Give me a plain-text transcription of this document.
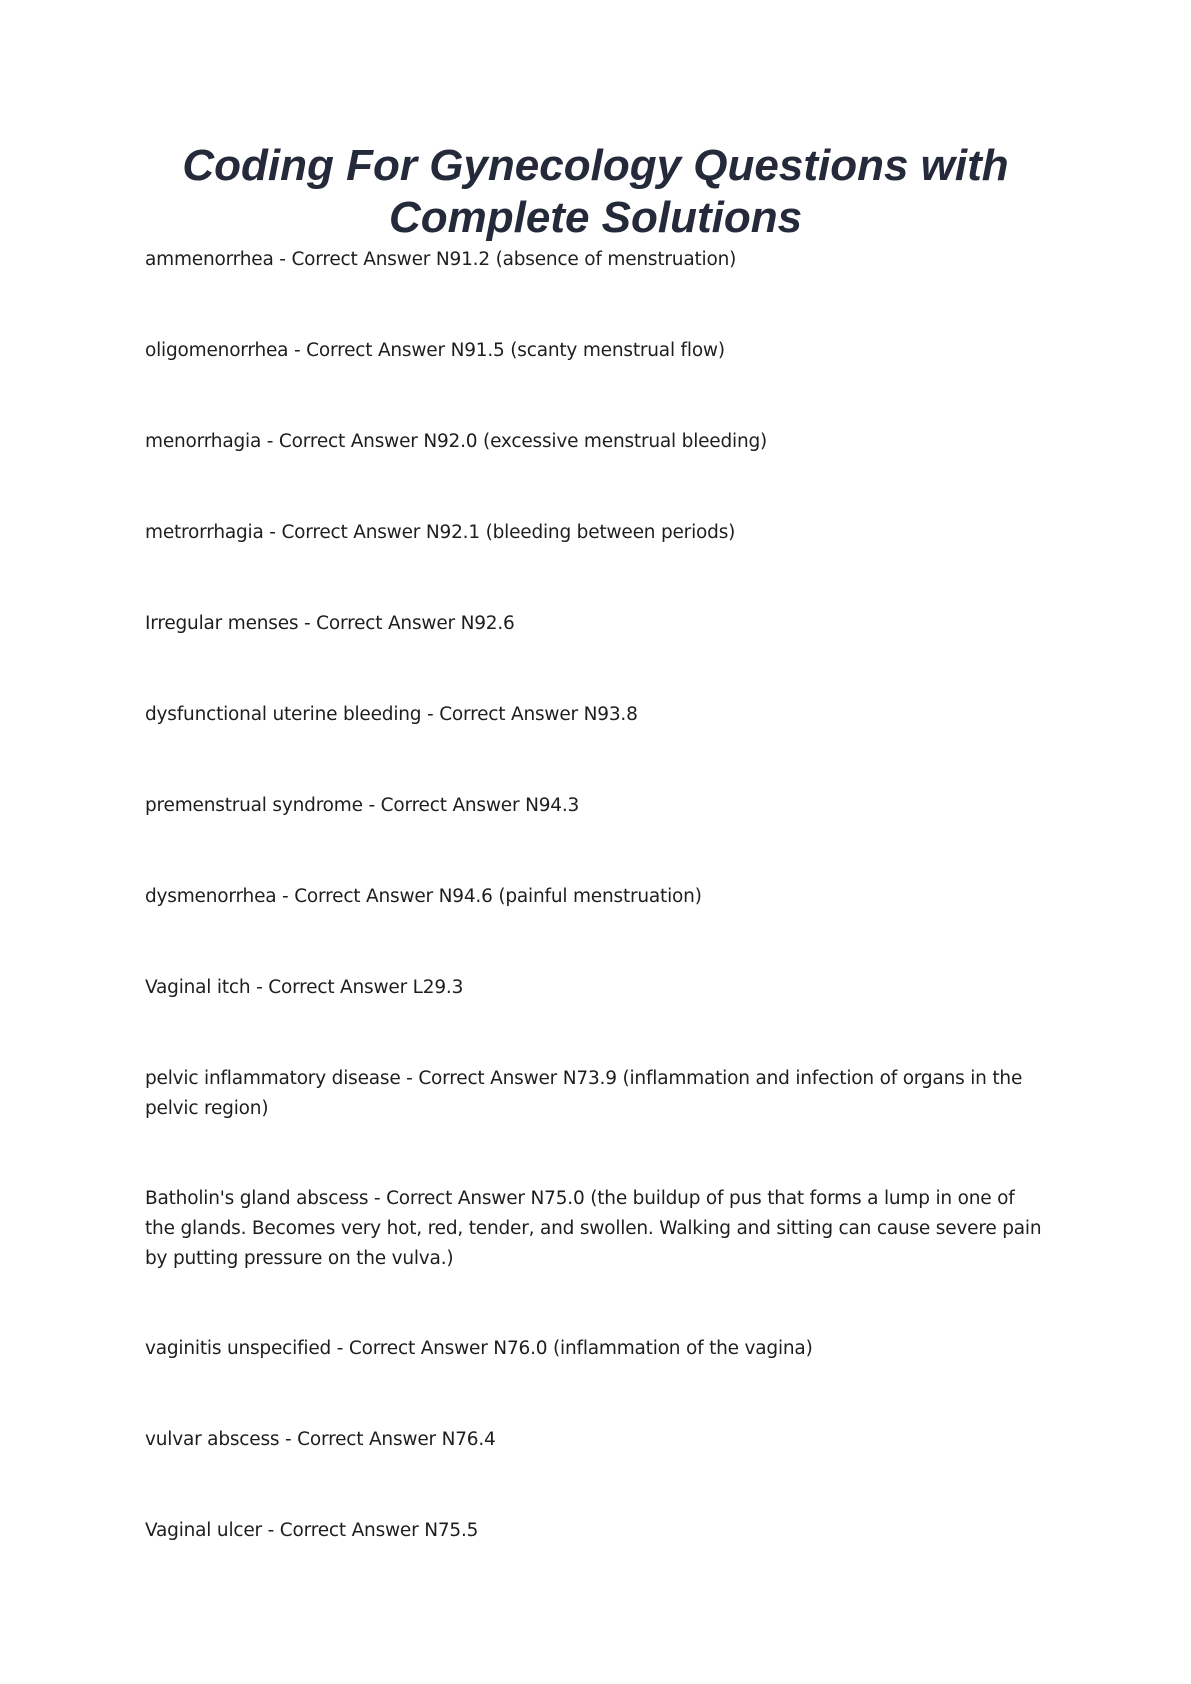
Coding For Gynecology Questions with
Complete Solutions
ammenorrhea - Correct Answer N91.2 (absence of menstruation)
oligomenorrhea - Correct Answer N91.5 (scanty menstrual flow)
menorrhagia - Correct Answer N92.0 (excessive menstrual bleeding)
metrorrhagia - Correct Answer N92.1 (bleeding between periods)
Irregular menses - Correct Answer N92.6
dysfunctional uterine bleeding - Correct Answer N93.8
premenstrual syndrome - Correct Answer N94.3
dysmenorrhea - Correct Answer N94.6 (painful menstruation)
Vaginal itch - Correct Answer L29.3
pelvic inflammatory disease - Correct Answer N73.9 (inflammation and infection of organs in the pelvic region)
Batholin's gland abscess - Correct Answer N75.0 (the buildup of pus that forms a lump in one of the glands. Becomes very hot, red, tender, and swollen. Walking and sitting can cause severe pain by putting pressure on the vulva.)
vaginitis unspecified - Correct Answer N76.0 (inflammation of the vagina)
vulvar abscess - Correct Answer N76.4
Vaginal ulcer - Correct Answer N75.5
